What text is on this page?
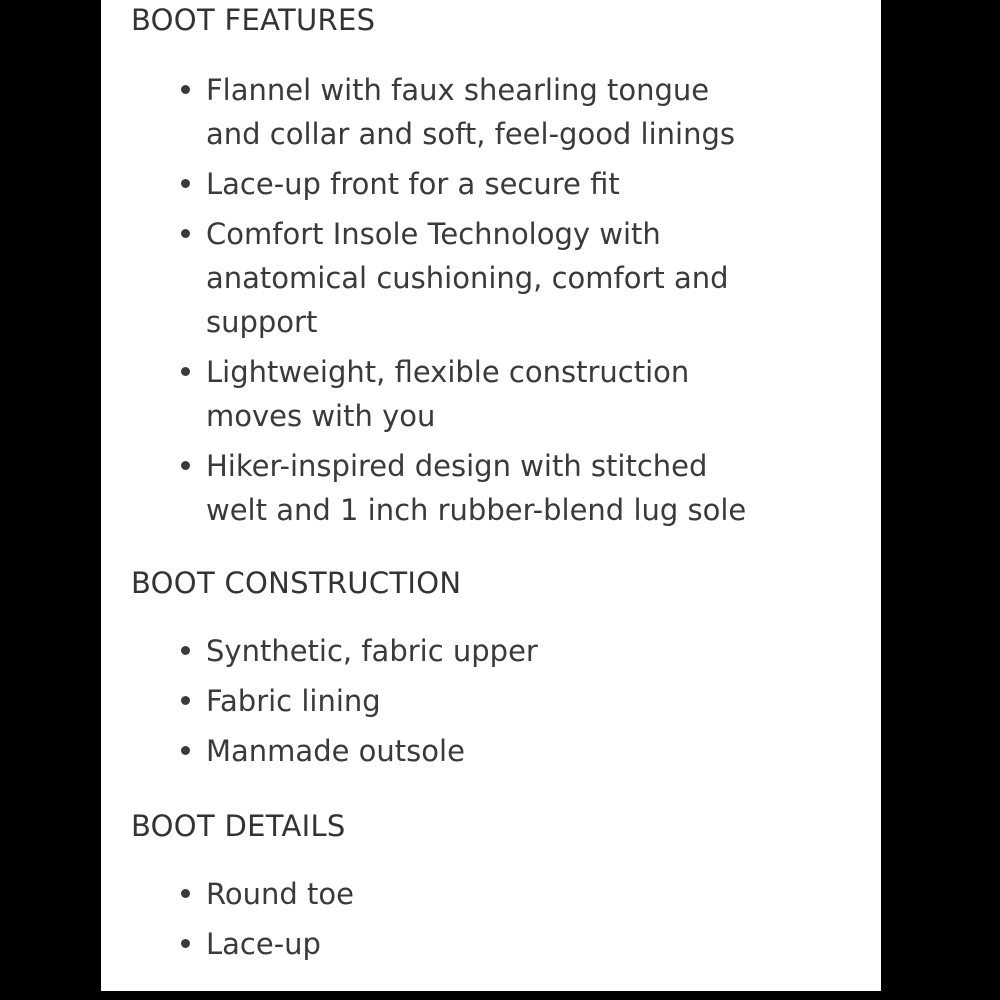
BOOT FEATURES
Flannel with faux shearling tongue
and collar and soft, feel-good linings
Lace-up front for a secure fit
Comfort Insole Technology with
anatomical cushioning, comfort and
support
Lightweight, flexible construction
moves with you
Hiker-inspired design with stitched
welt and 1 inch rubber-blend lug sole
BOOT CONSTRUCTION
Synthetic, fabric upper
Fabric lining
Manmade outsole
BOOT DETAILS
Round toe
Lace-up
